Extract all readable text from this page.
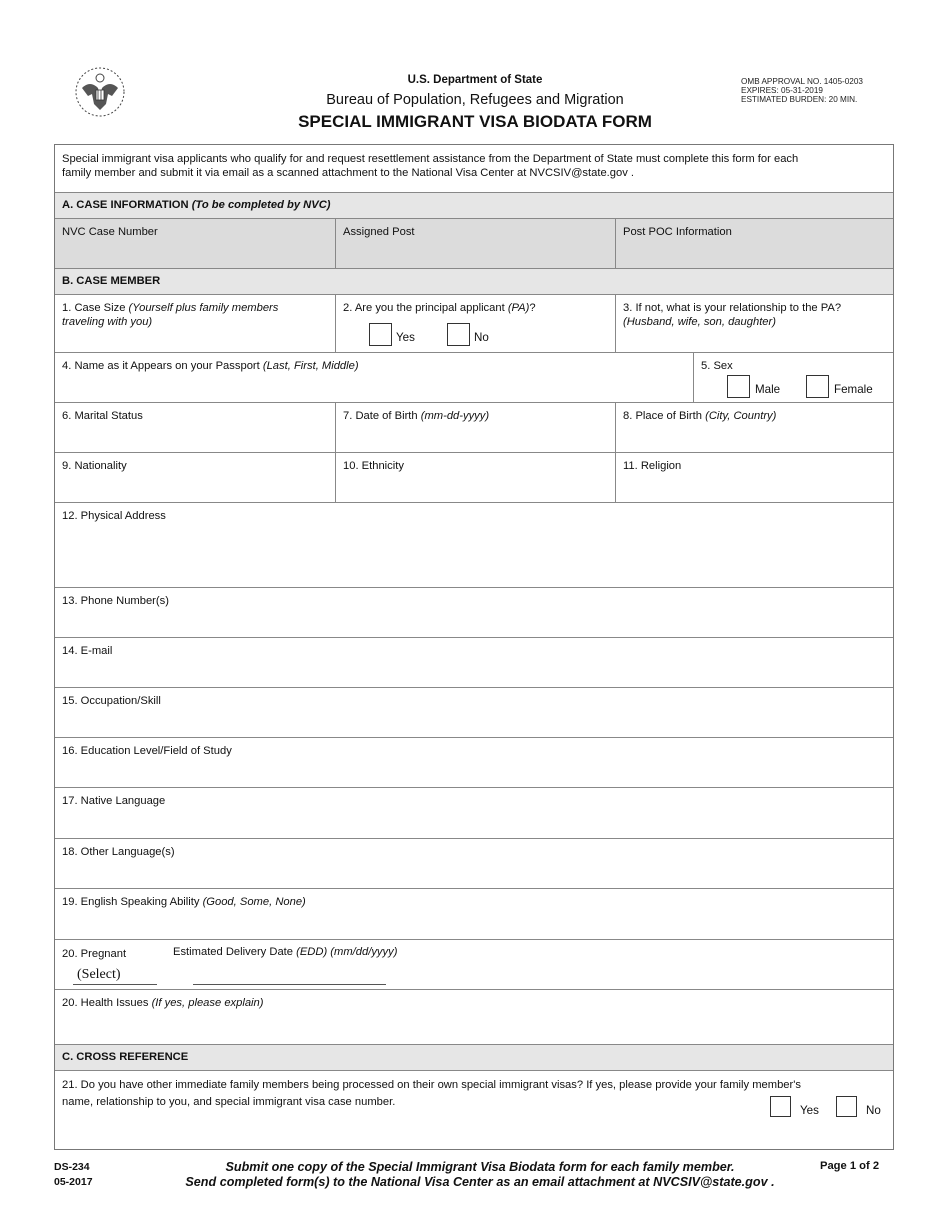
U.S. Department of State
Bureau of Population, Refugees and Migration
SPECIAL IMMIGRANT VISA BIODATA FORM
OMB APPROVAL NO. 1405-0203
EXPIRES: 05-31-2019
ESTIMATED BURDEN: 20 MIN.
Special immigrant visa applicants who qualify for and request resettlement assistance from the Department of State must complete this form for each
family member and submit it via email as a scanned attachment to the National Visa Center at NVCSIV@state.gov .
A. CASE INFORMATION (To be completed by NVC)
NVC Case Number	Assigned Post	Post POC Information
B. CASE MEMBER
1. Case Size (Yourself plus family members
traveling with you)
2. Are you the principal applicant (PA)?
Yes	No
3. If not, what is your relationship to the PA?
(Husband, wife, son, daughter)
4. Name as it Appears on your Passport (Last, First, Middle)	5. Sex
Male	Female
6. Marital Status	7. Date of Birth (mm-dd-yyyy)	8. Place of Birth (City, Country)
9. Nationality	10. Ethnicity	11. Religion
12. Physical Address
13. Phone Number(s)
14. E-mail
15. Occupation/Skill
16. Education Level/Field of Study
17. Native Language
18. Other Language(s)
19. English Speaking Ability (Good, Some, None)
20. Pregnant
(Select)
Estimated Delivery Date (EDD) (mm/dd/yyyy)
20. Health Issues (If yes, please explain)
C. CROSS REFERENCE
21. Do you have other immediate family members being processed on their own special immigrant visas? If yes, please provide your family member's
name, relationship to you, and special immigrant visa case number.
Yes	No
DS-234
05-2017
Submit one copy of the Special Immigrant Visa Biodata form for each family member.
Send completed form(s) to the National Visa Center as an email attachment at NVCSIV@state.gov .
Page 1 of 2
